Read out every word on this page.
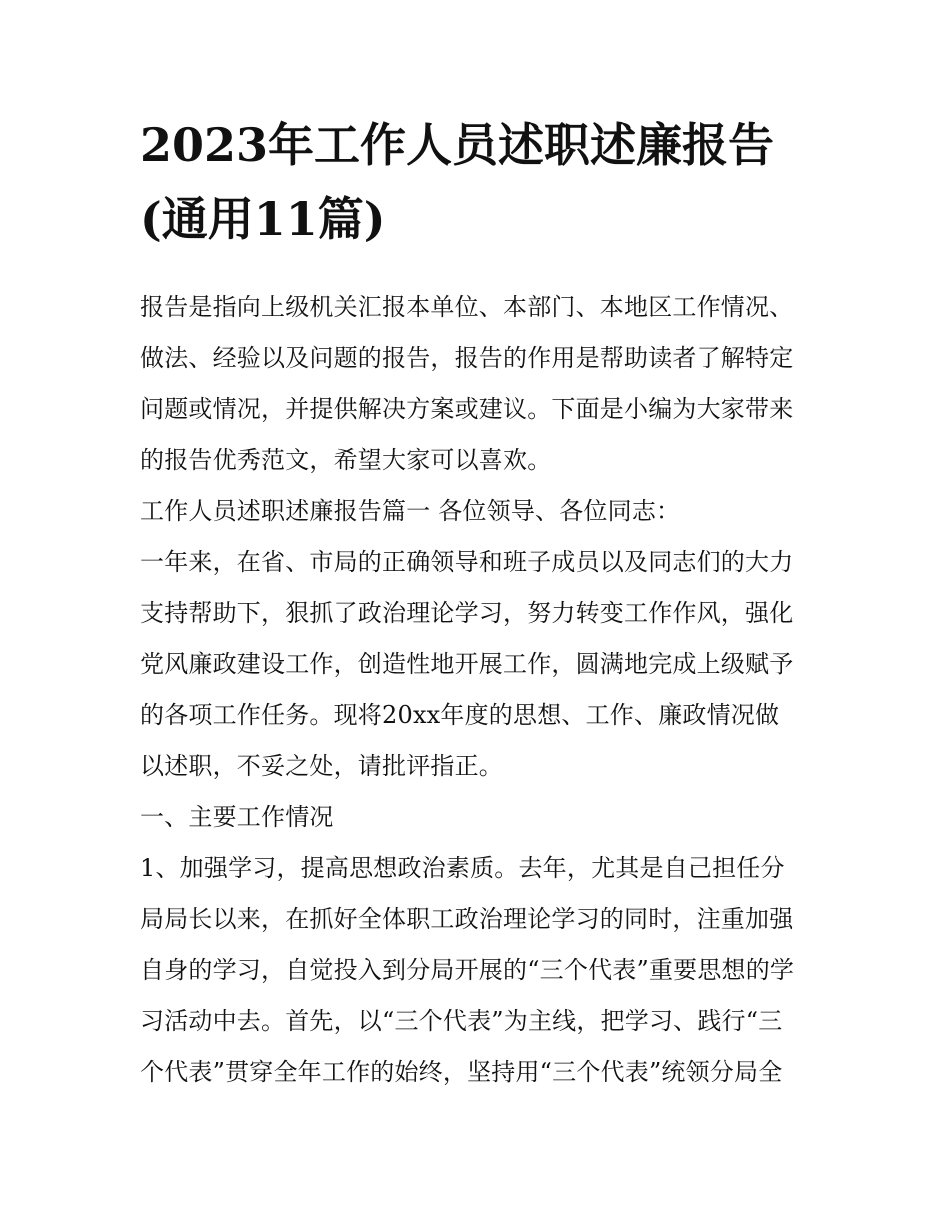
2023年工作人员述职述廉报告
(通用11篇)

报告是指向上级机关汇报本单位、本部门、本地区工作情况、
做法、经验以及问题的报告，报告的作用是帮助读者了解特定
问题或情况，并提供解决方案或建议。下面是小编为大家带来
的报告优秀范文，希望大家可以喜欢。

工作人员述职述廉报告篇一 各位领导、各位同志：

一年来，在省、市局的正确领导和班子成员以及同志们的大力
支持帮助下，狠抓了政治理论学习，努力转变工作作风，强化
党风廉政建设工作，创造性地开展工作，圆满地完成上级赋予
的各项工作任务。现将20xx年度的思想、工作、廉政情况做
以述职，不妥之处，请批评指正。

一、主要工作情况

1、加强学习，提高思想政治素质。去年，尤其是自己担任分
局局长以来，在抓好全体职工政治理论学习的同时，注重加强
自身的学习，自觉投入到分局开展的“三个代表”重要思想的学
习活动中去。首先，以“三个代表”为主线，把学习、践行“三
个代表”贯穿全年工作的始终，坚持用“三个代表”统领分局全
